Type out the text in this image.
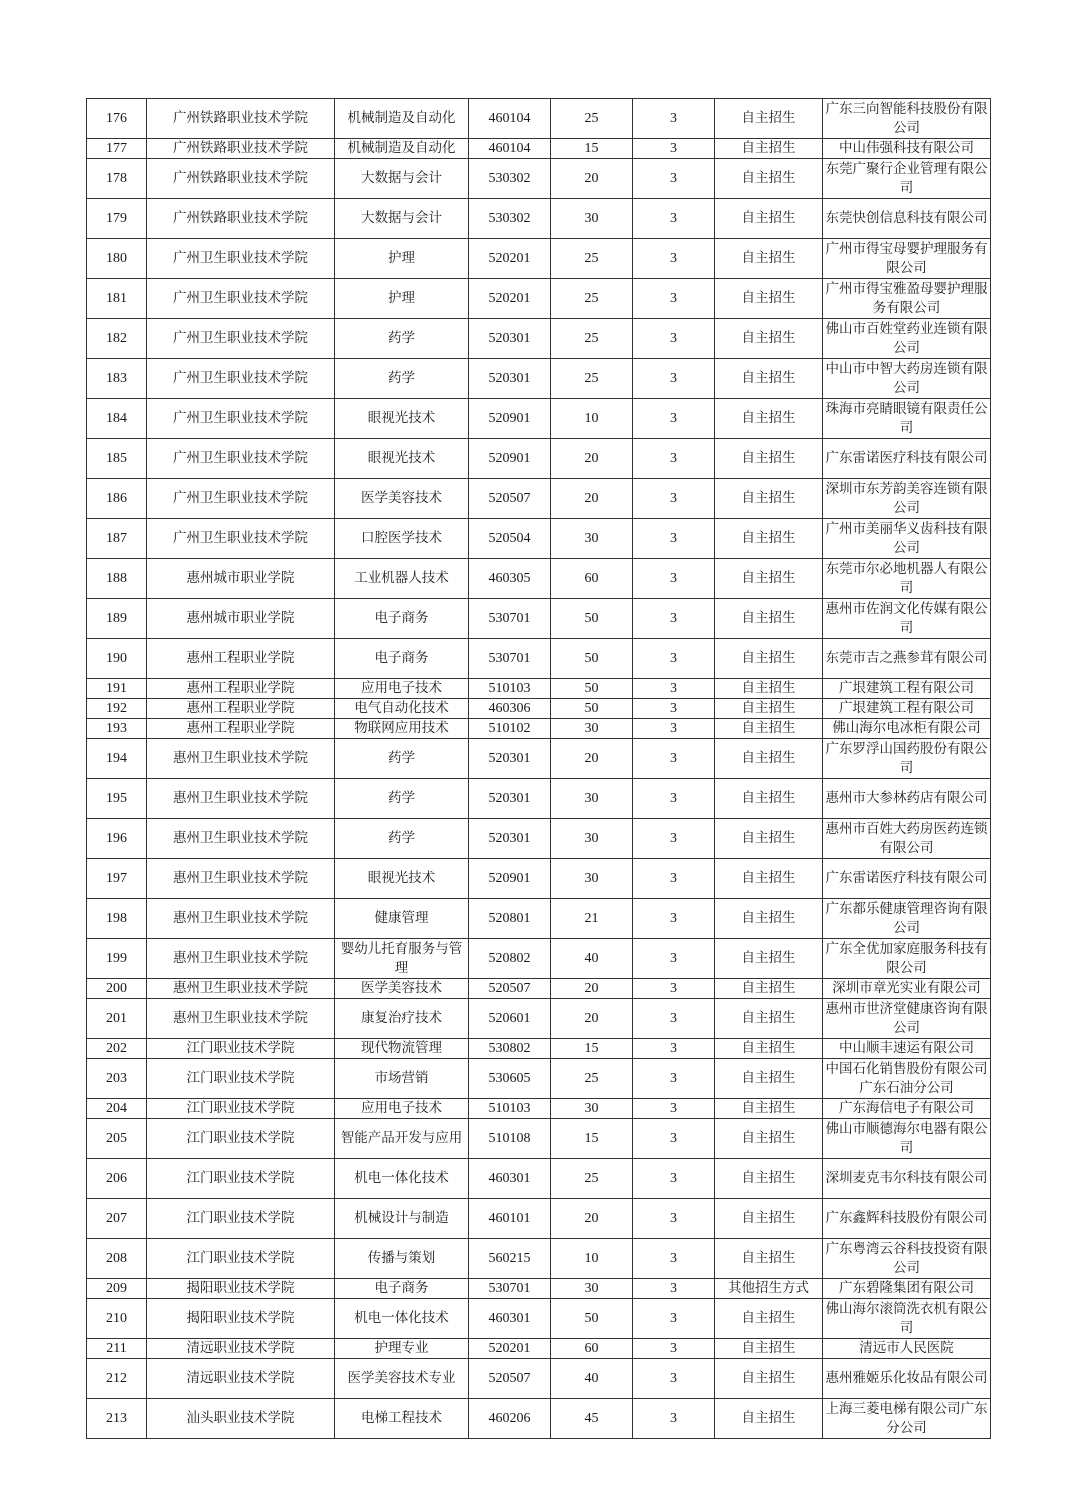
176	广州铁路职业技术学院	机械制造及自动化	460104	25	3	自主招生	广东三向智能科技股份有限公司
177	广州铁路职业技术学院	机械制造及自动化	460104	15	3	自主招生	中山伟强科技有限公司
178	广州铁路职业技术学院	大数据与会计	530302	20	3	自主招生	东莞广聚行企业管理有限公司
179	广州铁路职业技术学院	大数据与会计	530302	30	3	自主招生	东莞快创信息科技有限公司
180	广州卫生职业技术学院	护理	520201	25	3	自主招生	广州市得宝母婴护理服务有限公司
181	广州卫生职业技术学院	护理	520201	25	3	自主招生	广州市得宝雅盈母婴护理服务有限公司
182	广州卫生职业技术学院	药学	520301	25	3	自主招生	佛山市百姓堂药业连锁有限公司
183	广州卫生职业技术学院	药学	520301	25	3	自主招生	中山市中智大药房连锁有限公司
184	广州卫生职业技术学院	眼视光技术	520901	10	3	自主招生	珠海市亮睛眼镜有限责任公司
185	广州卫生职业技术学院	眼视光技术	520901	20	3	自主招生	广东雷诺医疗科技有限公司
186	广州卫生职业技术学院	医学美容技术	520507	20	3	自主招生	深圳市东芳韵美容连锁有限公司
187	广州卫生职业技术学院	口腔医学技术	520504	30	3	自主招生	广州市美丽华义齿科技有限公司
188	惠州城市职业学院	工业机器人技术	460305	60	3	自主招生	东莞市尔必地机器人有限公司
189	惠州城市职业学院	电子商务	530701	50	3	自主招生	惠州市佐润文化传媒有限公司
190	惠州工程职业学院	电子商务	530701	50	3	自主招生	东莞市吉之燕参茸有限公司
191	惠州工程职业学院	应用电子技术	510103	50	3	自主招生	广垠建筑工程有限公司
192	惠州工程职业学院	电气自动化技术	460306	50	3	自主招生	广垠建筑工程有限公司
193	惠州工程职业学院	物联网应用技术	510102	30	3	自主招生	佛山海尔电冰柜有限公司
194	惠州卫生职业技术学院	药学	520301	20	3	自主招生	广东罗浮山国药股份有限公司
195	惠州卫生职业技术学院	药学	520301	30	3	自主招生	惠州市大参林药店有限公司
196	惠州卫生职业技术学院	药学	520301	30	3	自主招生	惠州市百姓大药房医药连锁有限公司
197	惠州卫生职业技术学院	眼视光技术	520901	30	3	自主招生	广东雷诺医疗科技有限公司
198	惠州卫生职业技术学院	健康管理	520801	21	3	自主招生	广东都乐健康管理咨询有限公司
199	惠州卫生职业技术学院	婴幼儿托育服务与管理	520802	40	3	自主招生	广东全优加家庭服务科技有限公司
200	惠州卫生职业技术学院	医学美容技术	520507	20	3	自主招生	深圳市章光实业有限公司
201	惠州卫生职业技术学院	康复治疗技术	520601	20	3	自主招生	惠州市世济堂健康咨询有限公司
202	江门职业技术学院	现代物流管理	530802	15	3	自主招生	中山顺丰速运有限公司
203	江门职业技术学院	市场营销	530605	25	3	自主招生	中国石化销售股份有限公司广东石油分公司
204	江门职业技术学院	应用电子技术	510103	30	3	自主招生	广东海信电子有限公司
205	江门职业技术学院	智能产品开发与应用	510108	15	3	自主招生	佛山市顺德海尔电器有限公司
206	江门职业技术学院	机电一体化技术	460301	25	3	自主招生	深圳麦克韦尔科技有限公司
207	江门职业技术学院	机械设计与制造	460101	20	3	自主招生	广东鑫辉科技股份有限公司
208	江门职业技术学院	传播与策划	560215	10	3	自主招生	广东粤湾云谷科技投资有限公司
209	揭阳职业技术学院	电子商务	530701	30	3	其他招生方式	广东碧隆集团有限公司
210	揭阳职业技术学院	机电一体化技术	460301	50	3	自主招生	佛山海尔滚筒洗衣机有限公司
211	清远职业技术学院	护理专业	520201	60	3	自主招生	清远市人民医院
212	清远职业技术学院	医学美容技术专业	520507	40	3	自主招生	惠州雅姬乐化妆品有限公司
213	汕头职业技术学院	电梯工程技术	460206	45	3	自主招生	上海三菱电梯有限公司广东分公司
